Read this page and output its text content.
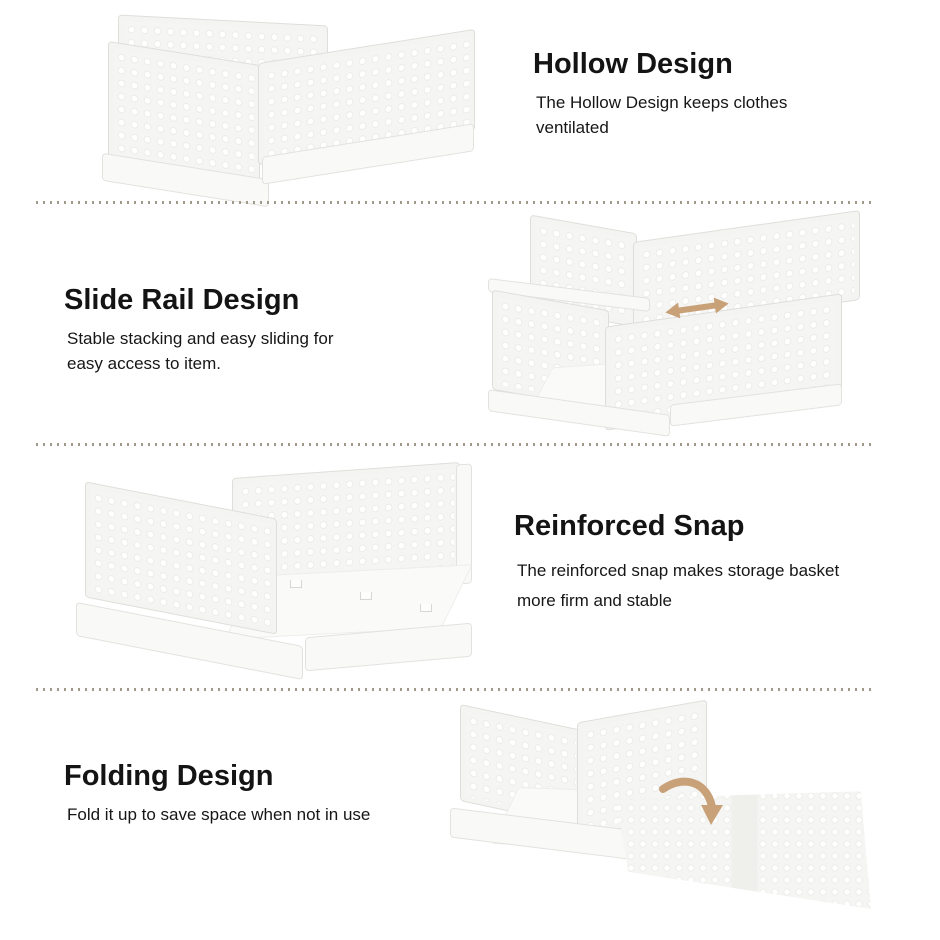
Hollow Design
The Hollow Design keeps clothes
ventilated
Slide Rail Design
Stable stacking and easy sliding for
easy access to item.
Reinforced Snap
The reinforced snap makes storage basket
more firm and stable
Folding Design
Fold it up to save space when not in use
